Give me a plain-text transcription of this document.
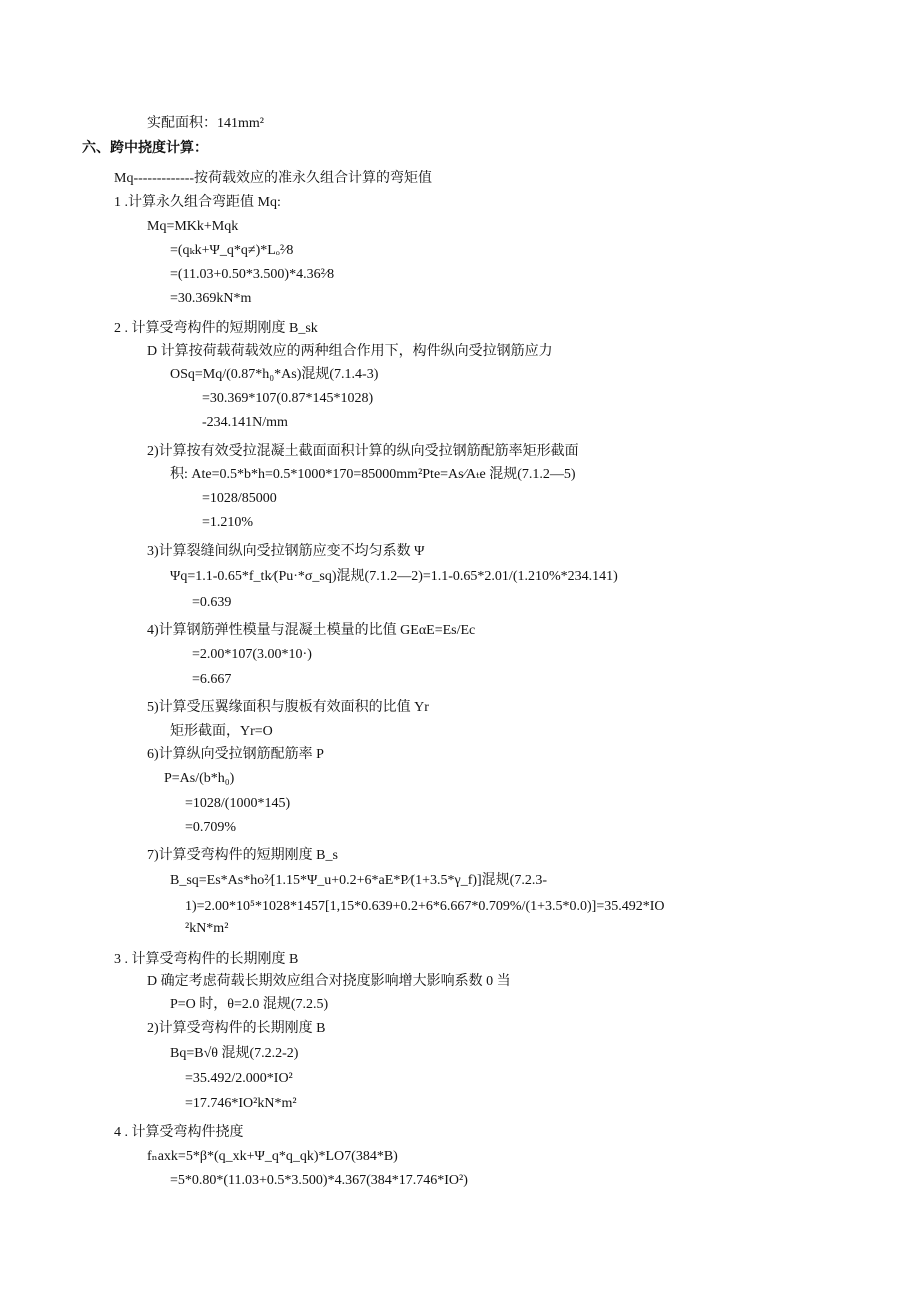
实配面积：141mm²
六、跨中挠度计算：
Mq-------------按荷载效应的准永久组合计算的弯矩值
1 .计算永久组合弯距值 Mq:
Mq=MKk+Mqk
=(qₖk+Ψ_q*q≠)*Lₒ²⁄8
=(11.03+0.50*3.500)*4.36²⁄8
=30.369kN*m
2 . 计算受弯构件的短期刚度 B_sk
D 计算按荷载荷载效应的两种组合作用下，构件纵向受拉钢筋应力
OSq=Mq/(0.87*h₀*As)混规(7.1.4-3)
=30.369*107(0.87*145*1028)
-234.141N/mm
2)计算按有效受拉混凝土截面面积计算的纵向受拉钢筋配筋率矩形截面
积: Ate=0.5*b*h=0.5*1000*170=85000mm²Pte=As⁄Aₜe 混规(7.1.2—5)
=1028/85000
=1.210%
3)计算裂缝间纵向受拉钢筋应变不均匀系数 Ψ
Ψq=1.1-0.65*f_tk⁄(Pu·*σ_sq)混规(7.1.2—2)=1.1-0.65*2.01/(1.210%*234.141)
=0.639
4)计算钢筋弹性模量与混凝土模量的比值 GEαE=Es/Ec
=2.00*107(3.00*10·)
=6.667
5)计算受压翼缘面积与腹板有效面积的比值 Yr
矩形截面，Yr=O
6)计算纵向受拉钢筋配筋率 P
P=As/(b*h₀)
=1028/(1000*145)
=0.709%
7)计算受弯构件的短期刚度 B_s
B_sq=Es*As*ho²⁄[1.15*Ψ_u+0.2+6*aE*P⁄(1+3.5*γ_f)]混规(7.2.3-
1)=2.00*10⁵*1028*1457[1,15*0.639+0.2+6*6.667*0.709%/(1+3.5*0.0)]=35.492*IO
²kN*m²
3 . 计算受弯构件的长期刚度 B
D 确定考虑荷载长期效应组合对挠度影响增大影响系数 0 当
P=O 时，θ=2.0 混规(7.2.5)
2)计算受弯构件的长期刚度 B
Bq=B√θ 混规(7.2.2-2)
=35.492/2.000*IO²
=17.746*IO²kN*m²
4 . 计算受弯构件挠度
fₙaxk=5*β*(q_xk+Ψ_q*q_qk)*LO7(384*B)
=5*0.80*(11.03+0.5*3.500)*4.367(384*17.746*IO²)
